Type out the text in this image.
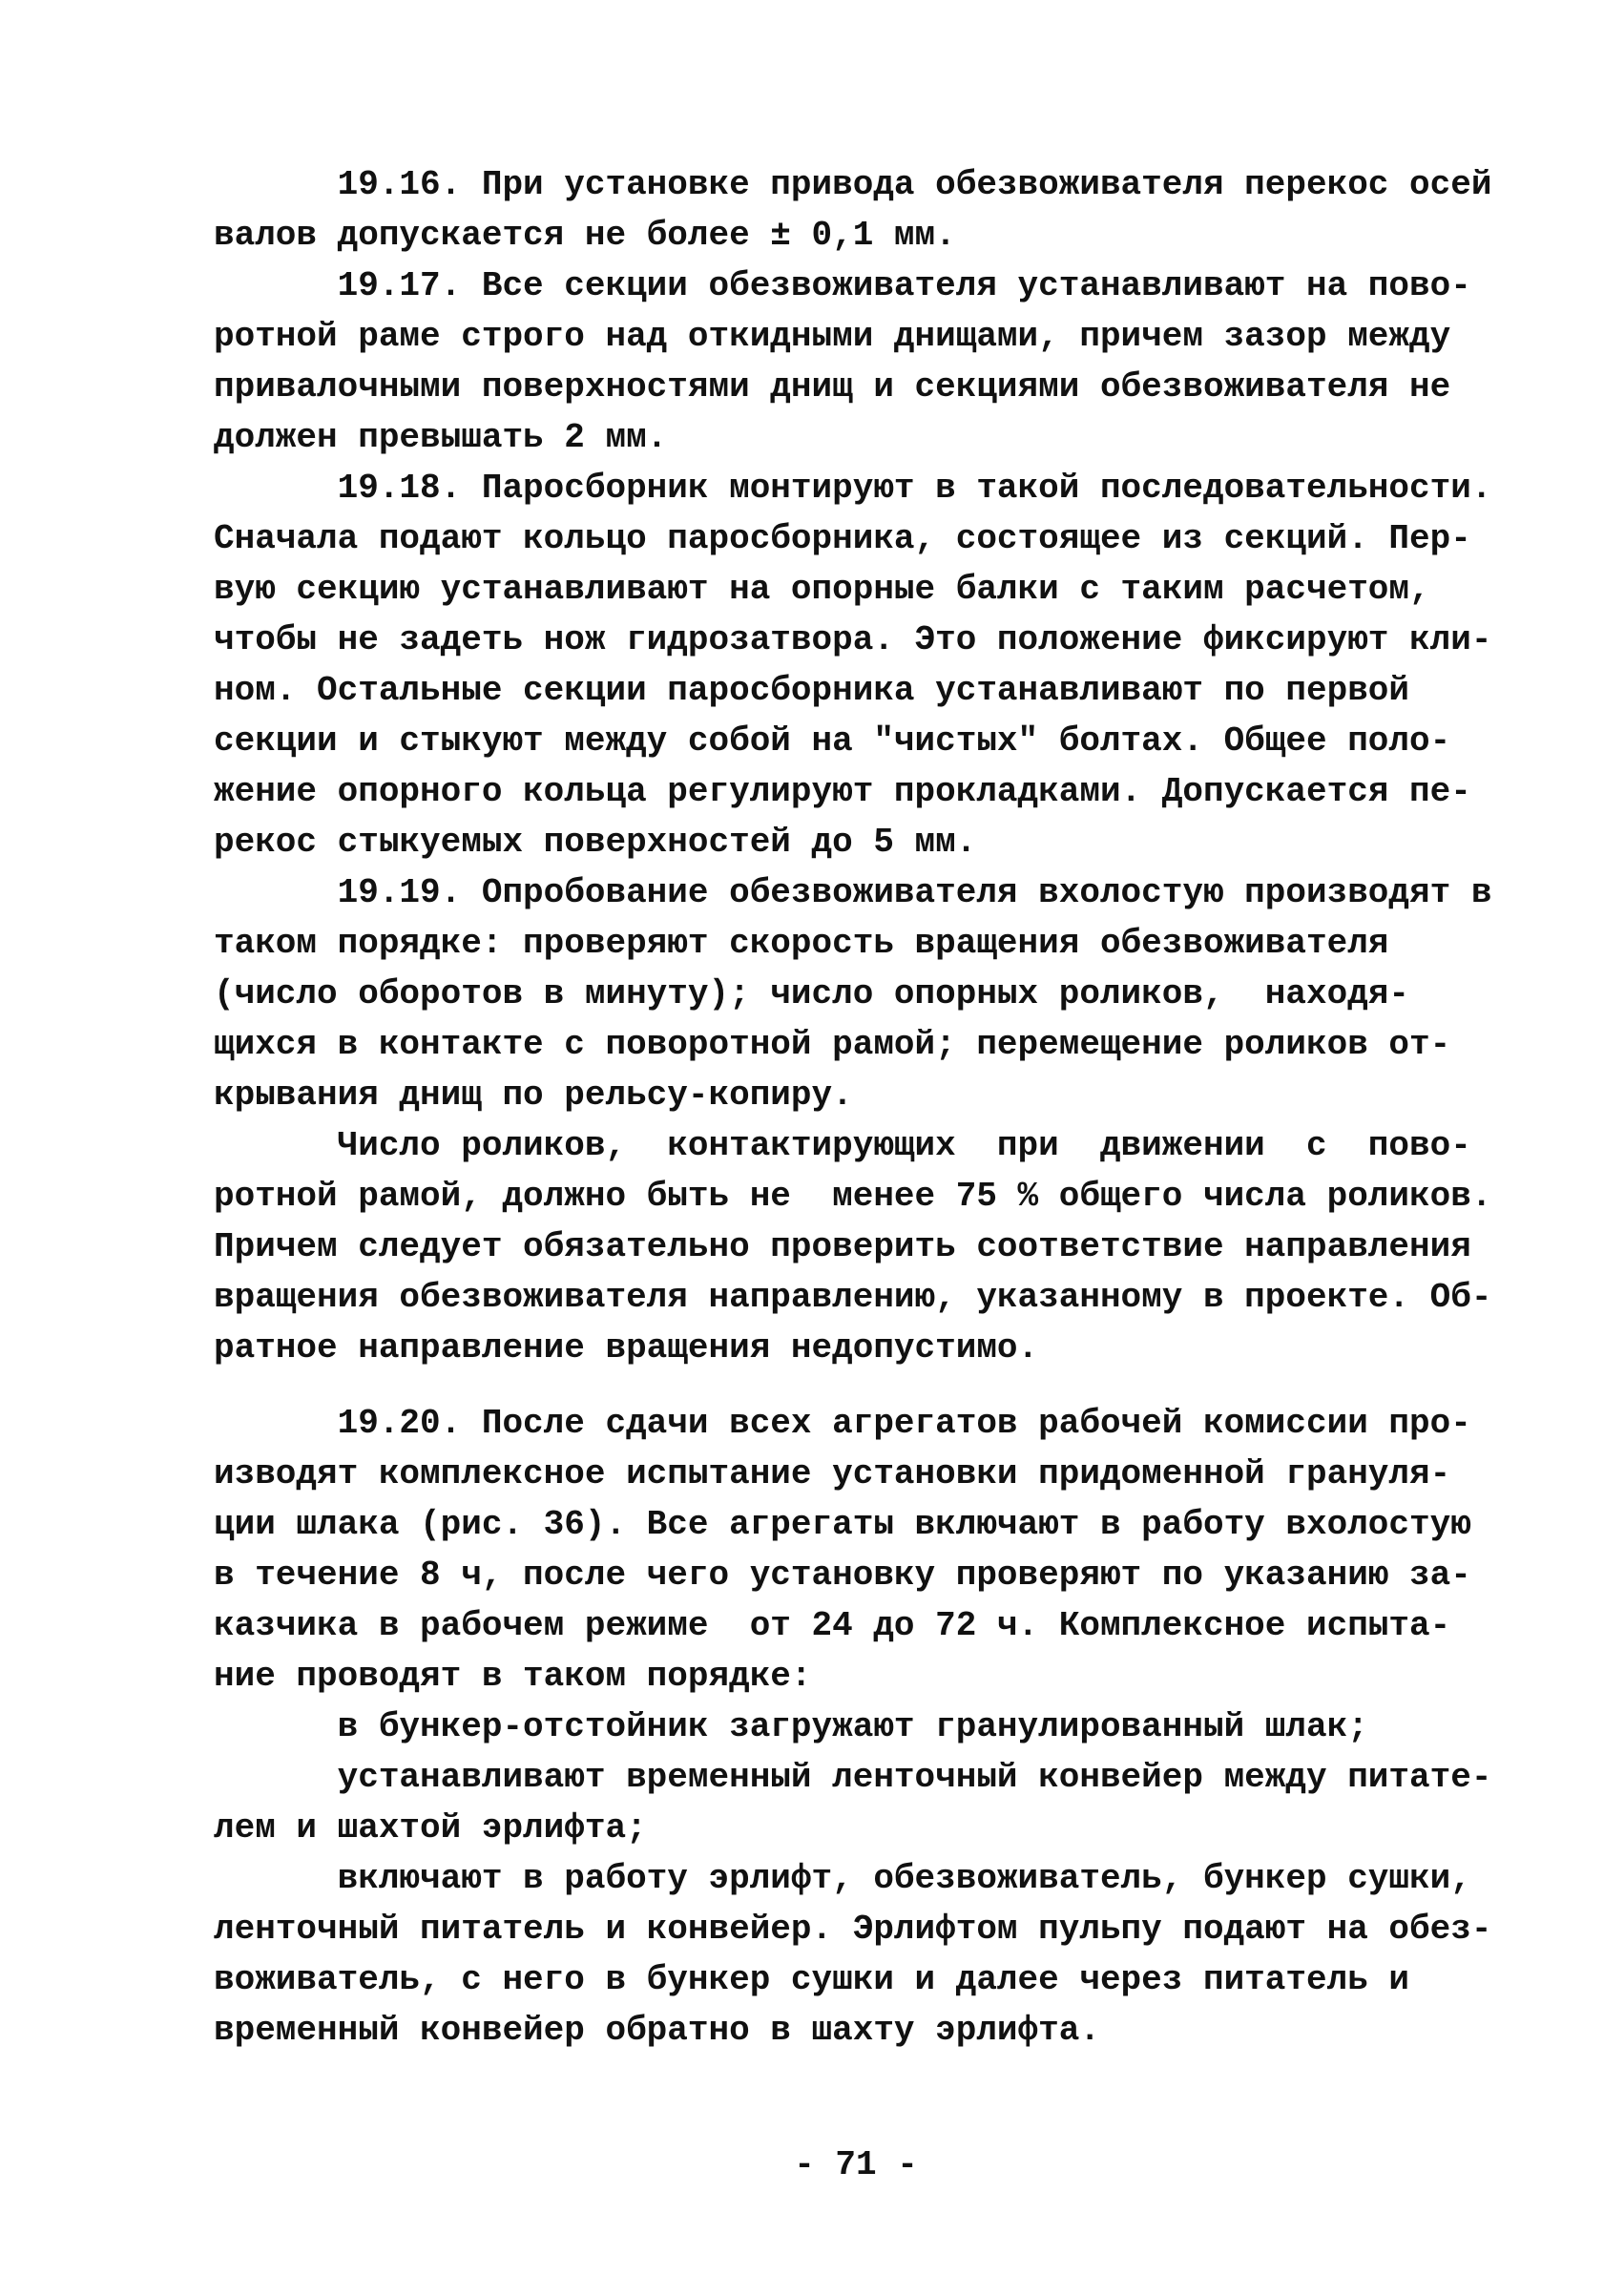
19.16. При установке привода обезвоживателя перекос осей
валов допускается не более ± 0,1 мм.
19.17. Все секции обезвоживателя устанавливают на пово-
ротной раме строго над откидными днищами, причем зазор между
привалочными поверхностями днищ и секциями обезвоживателя не
должен превышать 2 мм.
19.18. Паросборник монтируют в такой последовательности.
Сначала подают кольцо паросборника, состоящее из секций. Пер-
вую секцию устанавливают на опорные балки с таким расчетом,
чтобы не задеть нож гидрозатвора. Это положение фиксируют кли-
ном. Остальные секции паросборника устанавливают по первой
секции и стыкуют между собой на "чистых" болтах. Общее поло-
жение опорного кольца регулируют прокладками. Допускается пе-
рекос стыкуемых поверхностей до 5 мм.
19.19. Опробование обезвоживателя вхолостую производят в
таком порядке: проверяют скорость вращения обезвоживателя
(число оборотов в минуту); число опорных роликов,  находя-
щихся в контакте с поворотной рамой; перемещение роликов от-
крывания днищ по рельсу-копиру.
Число роликов,  контактирующих  при  движении  с  пово-
ротной рамой, должно быть не  менее 75 % общего числа роликов.
Причем следует обязательно проверить соответствие направления
вращения обезвоживателя направлению, указанному в проекте. Об-
ратное направление вращения недопустимо.
19.20. После сдачи всех агрегатов рабочей комиссии про-
изводят комплексное испытание установки придоменной грануля-
ции шлака (рис. 36). Все агрегаты включают в работу вхолостую
в течение 8 ч, после чего установку проверяют по указанию за-
казчика в рабочем режиме  от 24 до 72 ч. Комплексное испыта-
ние проводят в таком порядке:
в бункер-отстойник загружают гранулированный шлак;
устанавливают временный ленточный конвейер между питате-
лем и шахтой эрлифта;
включают в работу эрлифт, обезвоживатель, бункер сушки,
ленточный питатель и конвейер. Эрлифтом пульпу подают на обез-
воживатель, с него в бункер сушки и далее через питатель и
временный конвейер обратно в шахту эрлифта.
- 71 -
